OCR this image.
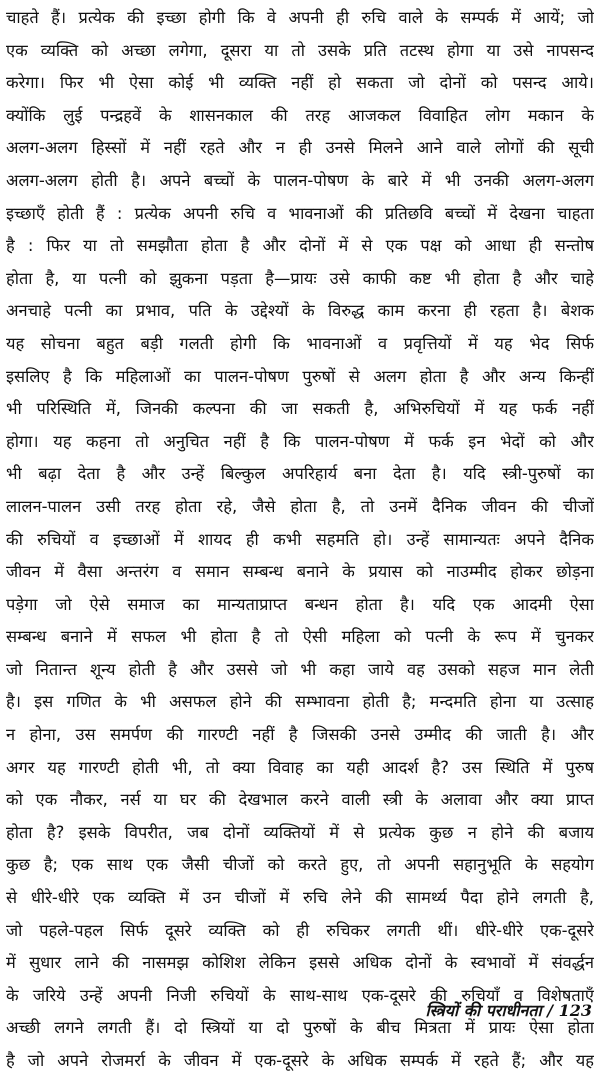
चाहते हैं। प्रत्येक की इच्छा होगी कि वे अपनी ही रुचि वाले के सम्पर्क में आयें; जो
एक व्यक्ति को अच्छा लगेगा, दूसरा या तो उसके प्रति तटस्थ होगा या उसे नापसन्द
करेगा। फिर भी ऐसा कोई भी व्यक्ति नहीं हो सकता जो दोनों को पसन्द आये।
क्योंकि लुई पन्द्रहवें के शासनकाल की तरह आजकल विवाहित लोग मकान के
अलग-अलग हिस्सों में नहीं रहते और न ही उनसे मिलने आने वाले लोगों की सूची
अलग-अलग होती है। अपने बच्चों के पालन-पोषण के बारे में भी उनकी अलग-अलग
इच्छाएँ होती हैं : प्रत्येक अपनी रुचि व भावनाओं की प्रतिछवि बच्चों में देखना चाहता
है : फिर या तो समझौता होता है और दोनों में से एक पक्ष को आधा ही सन्तोष
होता है, या पत्नी को झुकना पड़ता है—प्रायः उसे काफी कष्ट भी होता है और चाहे
अनचाहे पत्नी का प्रभाव, पति के उद्देश्यों के विरुद्ध काम करना ही रहता है। बेशक
यह सोचना बहुत बड़ी गलती होगी कि भावनाओं व प्रवृत्तियों में यह भेद सिर्फ
इसलिए है कि महिलाओं का पालन-पोषण पुरुषों से अलग होता है और अन्य किन्हीं
भी परिस्थिति में, जिनकी कल्पना की जा सकती है, अभिरुचियों में यह फर्क नहीं
होगा। यह कहना तो अनुचित नहीं है कि पालन-पोषण में फर्क इन भेदों को और
भी बढ़ा देता है और उन्हें बिल्कुल अपरिहार्य बना देता है। यदि स्त्री-पुरुषों का
लालन-पालन उसी तरह होता रहे, जैसे होता है, तो उनमें दैनिक जीवन की चीजों
की रुचियों व इच्छाओं में शायद ही कभी सहमति हो। उन्हें सामान्यतः अपने दैनिक
जीवन में वैसा अन्तरंग व समान सम्बन्ध बनाने के प्रयास को नाउम्मीद होकर छोड़ना
पड़ेगा जो ऐसे समाज का मान्यताप्राप्त बन्धन होता है। यदि एक आदमी ऐसा
सम्बन्ध बनाने में सफल भी होता है तो ऐसी महिला को पत्नी के रूप में चुनकर
जो नितान्त शून्य होती है और उससे जो भी कहा जाये वह उसको सहज मान लेती
है। इस गणित के भी असफल होने की सम्भावना होती है; मन्दमति होना या उत्साह
न होना, उस समर्पण की गारण्टी नहीं है जिसकी उनसे उम्मीद की जाती है। और
अगर यह गारण्टी होती भी, तो क्या विवाह का यही आदर्श है? उस स्थिति में पुरुष
को एक नौकर, नर्स या घर की देखभाल करने वाली स्त्री के अलावा और क्या प्राप्त
होता है? इसके विपरीत, जब दोनों व्यक्तियों में से प्रत्येक कुछ न होने की बजाय
कुछ है; एक साथ एक जैसी चीजों को करते हुए, तो अपनी सहानुभूति के सहयोग
से धीरे-धीरे एक व्यक्ति में उन चीजों में रुचि लेने की सामर्थ्य पैदा होने लगती है,
जो पहले-पहल सिर्फ दूसरे व्यक्ति को ही रुचिकर लगती थीं। धीरे-धीरे एक-दूसरे
में सुधार लाने की नासमझ कोशिश लेकिन इससे अधिक दोनों के स्वभावों में संवर्द्धन
के जरिये उन्हें अपनी निजी रुचियों के साथ-साथ एक-दूसरे की रुचियाँ व विशेषताएँ
अच्छी लगने लगती हैं। दो स्त्रियों या दो पुरुषों के बीच मित्रता में प्रायः ऐसा होता
है जो अपने रोजमर्रा के जीवन में एक-दूसरे के अधिक सम्पर्क में रहते हैं; और यह
स्त्रियों की पराधीनता / 123
